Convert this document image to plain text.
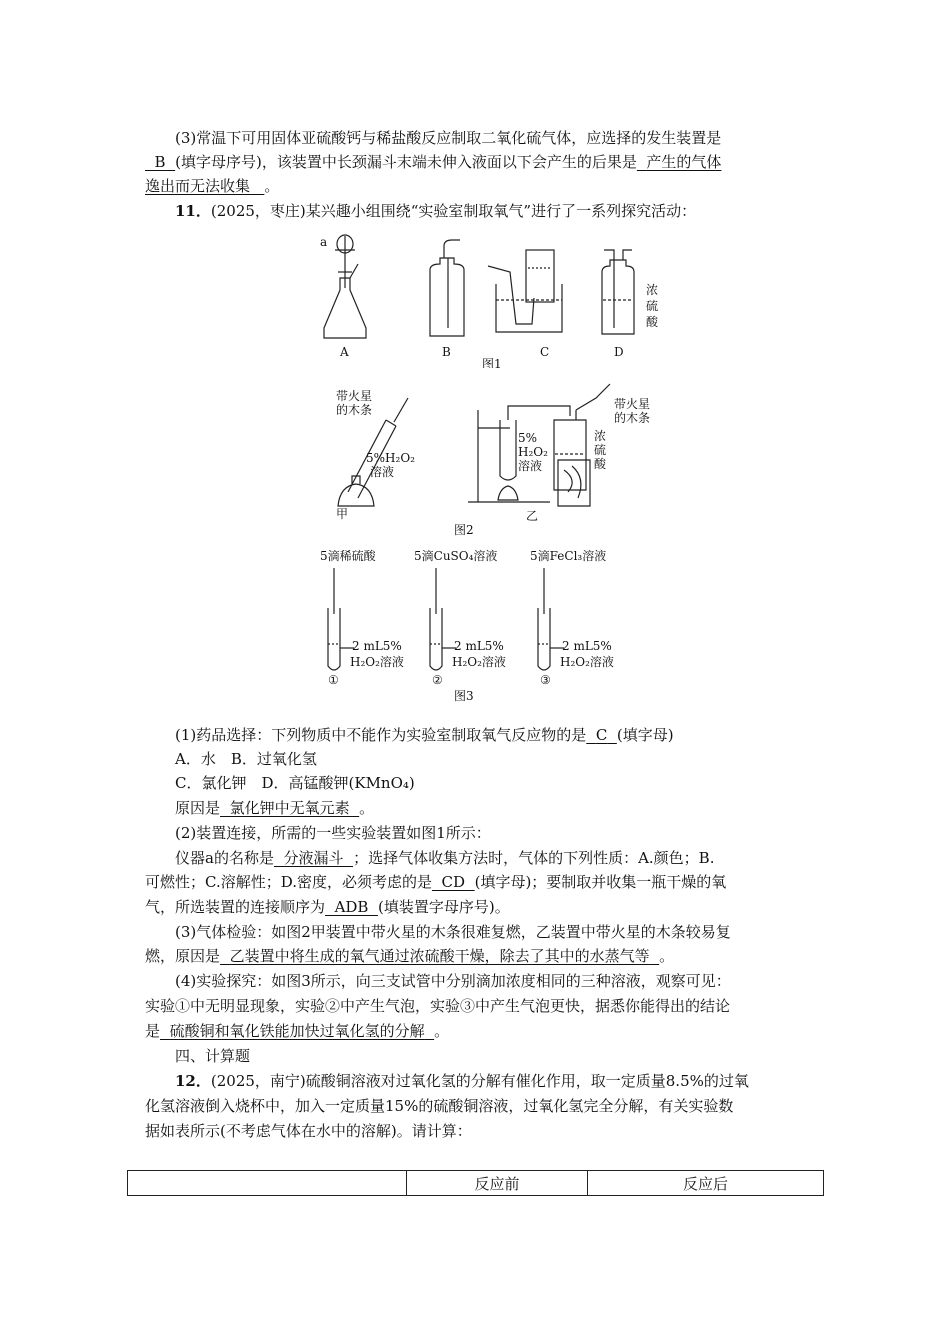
(3)常温下可用固体亚硫酸钙与稀盐酸反应制取二氧化硫气体，应选择的发生装置是
B (填字母序号)，该装置中长颈漏斗末端未伸入液面以下会产生的后果是 产生的气体
逸出而无法收集 。
11．(2025，枣庄)某兴趣小组围绕“实验室制取氧气”进行了一系列探究活动：
a
A	B	C	D
浓
硫
酸
图1
带火星
的木条
5%H₂O₂
溶液
甲
带火星
的木条
5%
H₂O₂
溶液
浓
硫
酸
乙
图2
5滴稀硫酸	5滴CuSO₄溶液	5滴FeCl₃溶液
2 mL5%
H₂O₂溶液
2 mL5%
H₂O₂溶液
2 mL5%
H₂O₂溶液
①	②	③
图3
(1)药品选择：下列物质中不能作为实验室制取氧气反应物的是 C (填字母)
A．水　B．过氧化氢
C．氯化钾　D．高锰酸钾(KMnO₄)
原因是 氯化钾中无氧元素 。
(2)装置连接，所需的一些实验装置如图1所示：
仪器a的名称是 分液漏斗 ；选择气体收集方法时，气体的下列性质：A.颜色；B.
可燃性；C.溶解性；D.密度，必须考虑的是 CD (填字母)；要制取并收集一瓶干燥的氧
气，所选装置的连接顺序为 ADB (填装置字母序号)。
(3)气体检验：如图2甲装置中带火星的木条很难复燃，乙装置中带火星的木条较易复
燃，原因是 乙装置中将生成的氧气通过浓硫酸干燥，除去了其中的水蒸气等 。
(4)实验探究：如图3所示，向三支试管中分别滴加浓度相同的三种溶液，观察可见：
实验①中无明显现象，实验②中产生气泡，实验③中产生气泡更快，据悉你能得出的结论
是 硫酸铜和氧化铁能加快过氧化氢的分解 。
四、计算题
12．(2025，南宁)硫酸铜溶液对过氧化氢的分解有催化作用，取一定质量8.5%的过氧
化氢溶液倒入烧杯中，加入一定质量15%的硫酸铜溶液，过氧化氢完全分解，有关实验数
据如表所示(不考虑气体在水中的溶解)。请计算：
	反应前	反应后
